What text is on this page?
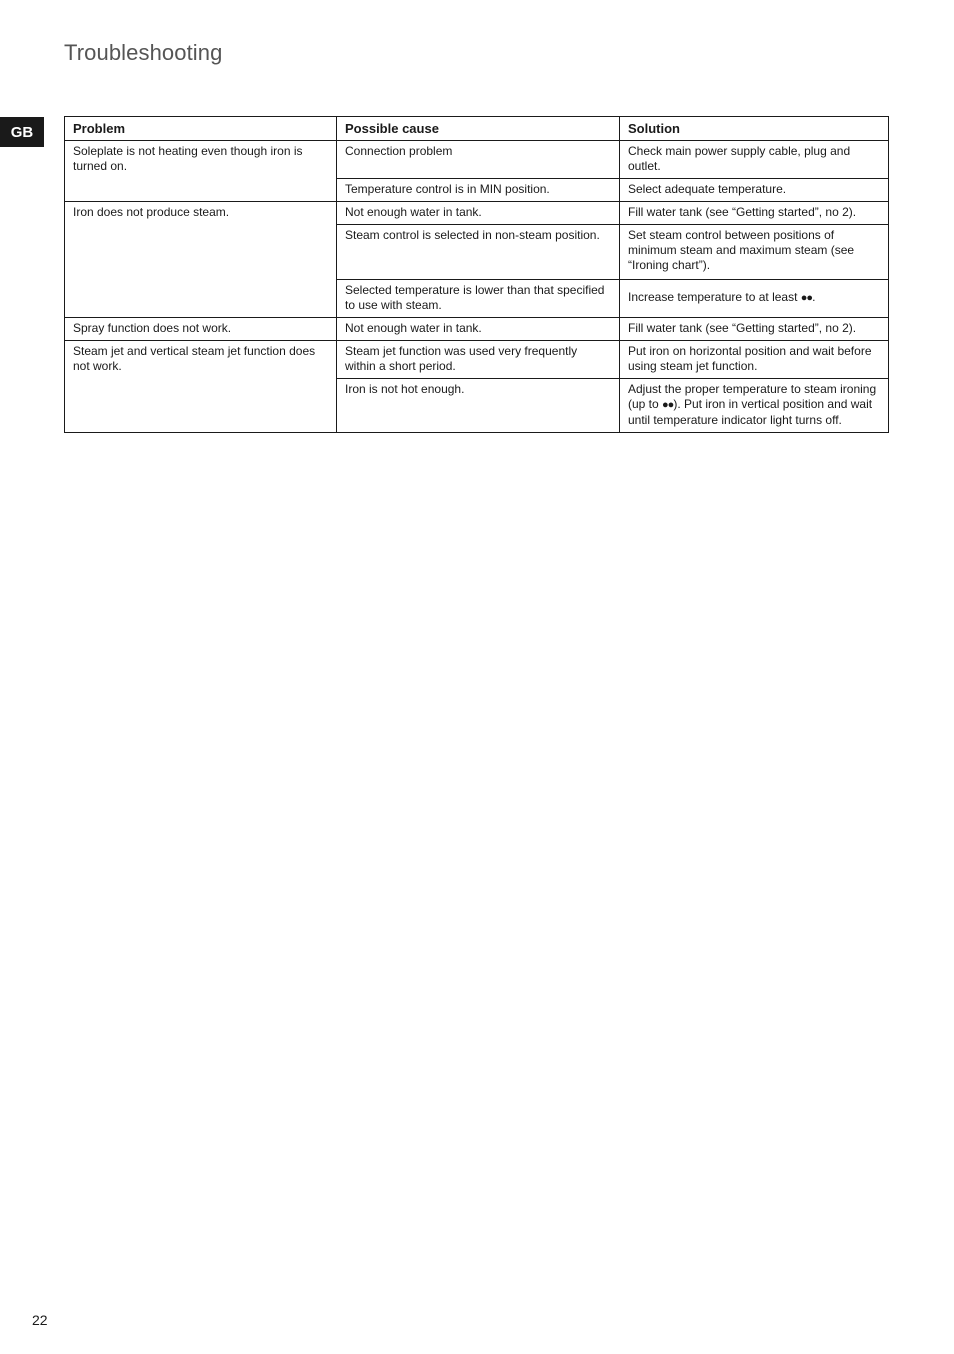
Troubleshooting
GB	Problem	Possible cause	Solution
Soleplate is not heating even though iron is turned on.	Connection problem	Check main power supply cable, plug and outlet.
	Temperature control is in MIN position.	Select adequate temperature.
Iron does not produce steam.	Not enough water in tank.	Fill water tank (see “Getting started”, no 2).
	Steam control is selected in non-steam position.	Set steam control between positions of minimum steam and maximum steam (see “Ironing chart”).
	Selected temperature is lower than that specified to use with steam.	Increase temperature to at least ●●.
Spray function does not work.	Not enough water in tank.	Fill water tank (see “Getting started”, no 2).
Steam jet and vertical steam jet function does not work.	Steam jet function was used very frequently within a short period.	Put iron on horizontal position and wait before using steam jet function.
	Iron is not hot enough.	Adjust the proper temperature to steam ironing (up to ●●). Put iron in vertical position and wait until temperature indicator light turns off.
22
